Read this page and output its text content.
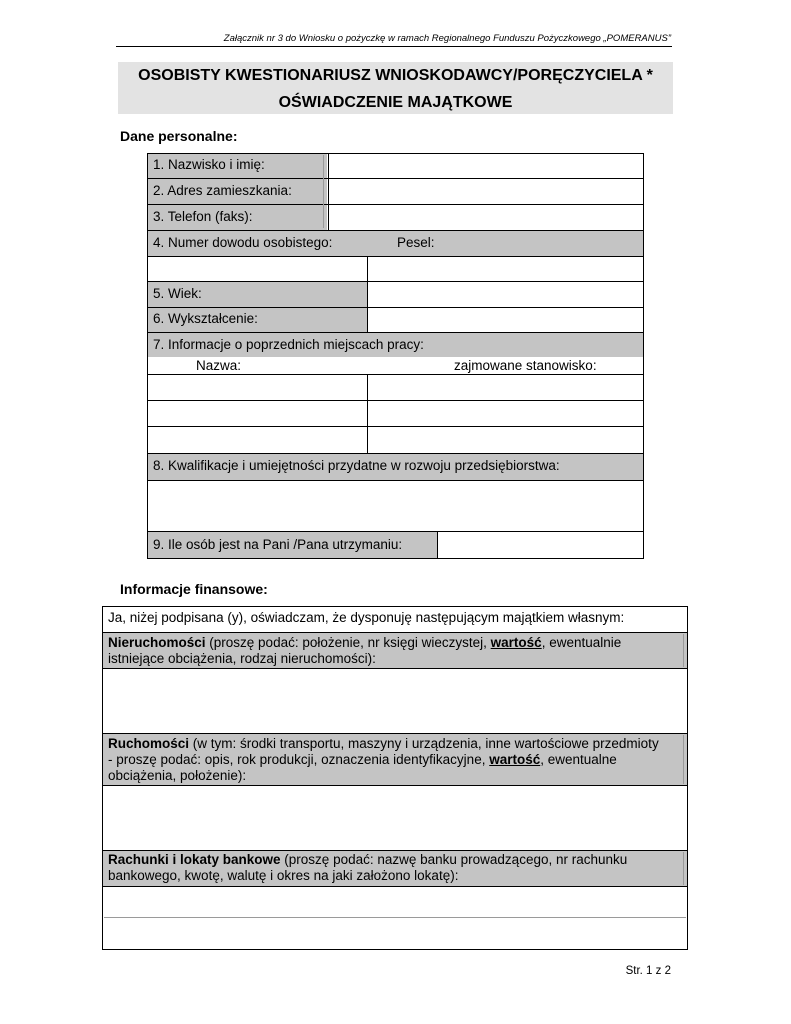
Załącznik nr 3 do Wniosku o pożyczkę w ramach Regionalnego Funduszu Pożyczkowego „POMERANUS”
OSOBISTY KWESTIONARIUSZ WNIOSKODAWCY/PORĘCZYCIELA *
OŚWIADCZENIE MAJĄTKOWE
Dane personalne:
1. Nazwisko i imię:
2. Adres zamieszkania:
3. Telefon (faks):
4. Numer dowodu osobistego:	Pesel:
5. Wiek:
6. Wykształcenie:
7. Informacje o poprzednich miejscach pracy:
Nazwa:	zajmowane stanowisko:
8. Kwalifikacje i umiejętności przydatne w rozwoju przedsiębiorstwa:
9. Ile osób jest na Pani /Pana utrzymaniu:
Informacje finansowe:
Ja, niżej podpisana (y), oświadczam, że dysponuję następującym majątkiem własnym:
Nieruchomości (proszę podać: położenie, nr księgi wieczystej, wartość, ewentualnie istniejące obciążenia, rodzaj nieruchomości):
Ruchomości (w tym: środki transportu, maszyny i urządzenia, inne wartościowe przedmioty - proszę podać: opis, rok produkcji, oznaczenia identyfikacyjne, wartość, ewentualne obciążenia, położenie):
Rachunki i lokaty bankowe (proszę podać: nazwę banku prowadzącego, nr rachunku bankowego, kwotę, walutę i okres na jaki założono lokatę):
Str. 1 z 2
